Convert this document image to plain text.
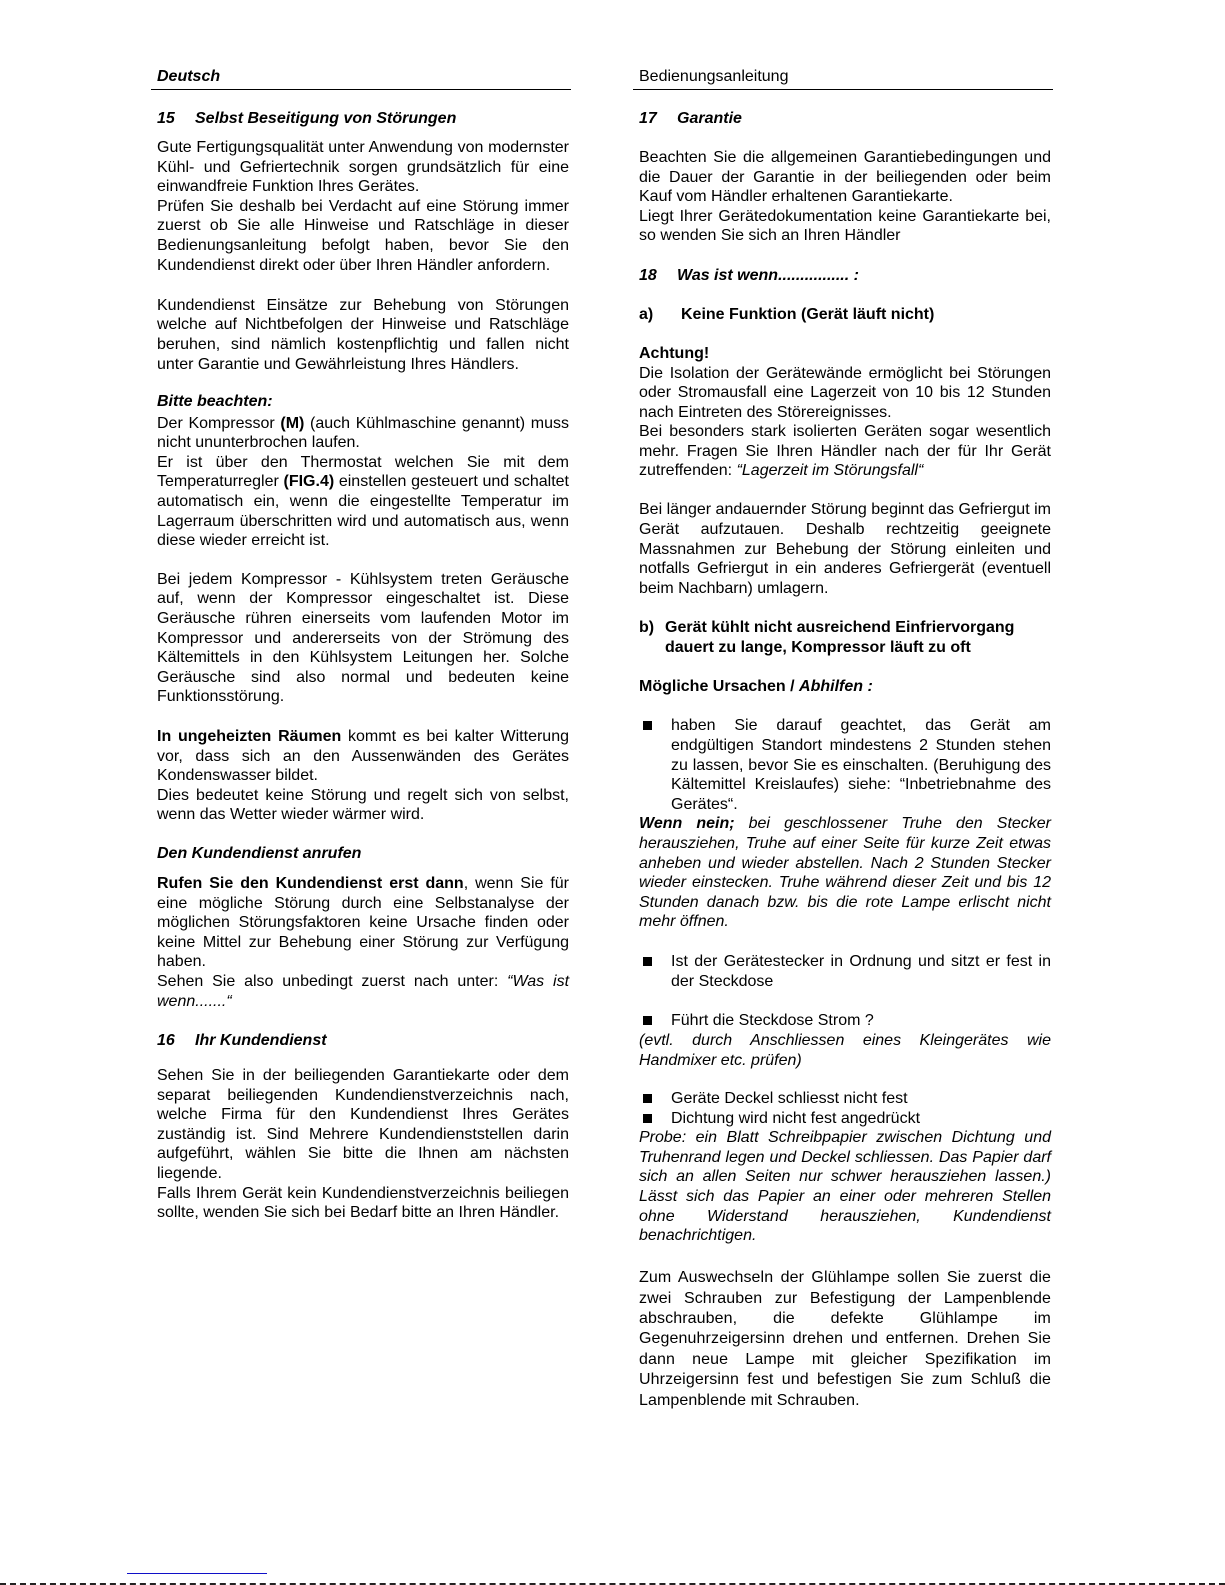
Deutsch	Bedienungsanleitung
15 Selbst Beseitigung von Störungen
Gute Fertigungsqualität unter Anwendung von modernster Kühl- und Gefriertechnik sorgen grundsätzlich für eine einwandfreie Funktion Ihres Gerätes.
Prüfen Sie deshalb bei Verdacht auf eine Störung immer zuerst ob Sie alle Hinweise und Ratschläge in dieser Bedienungsanleitung befolgt haben, bevor Sie den Kundendienst direkt oder über Ihren Händler anfordern.
Kundendienst Einsätze zur Behebung von Störungen welche auf Nichtbefolgen der Hinweise und Ratschläge beruhen, sind nämlich kostenpflichtig und fallen nicht unter Garantie und Gewährleistung Ihres Händlers.
Bitte beachten:
Der Kompressor (M) (auch Kühlmaschine genannt) muss nicht ununterbrochen laufen.
Er ist über den Thermostat welchen Sie mit dem Temperaturregler (FIG.4) einstellen gesteuert und schaltet automatisch ein, wenn die eingestellte Temperatur im Lagerraum überschritten wird und automatisch aus, wenn diese wieder erreicht ist.
Bei jedem Kompressor - Kühlsystem treten Geräusche auf, wenn der Kompressor eingeschaltet ist. Diese Geräusche rühren einerseits vom laufenden Motor im Kompressor und andererseits von der Strömung des Kältemittels in den Kühlsystem Leitungen her. Solche Geräusche sind also normal und bedeuten keine Funktionsstörung.
In ungeheizten Räumen kommt es bei kalter Witterung vor, dass sich an den Aussenwänden des Gerätes Kondenswasser bildet.
Dies bedeutet keine Störung und regelt sich von selbst, wenn das Wetter wieder wärmer wird.
Den Kundendienst anrufen
Rufen Sie den Kundendienst erst dann, wenn Sie für eine mögliche Störung durch eine Selbstanalyse der möglichen Störungsfaktoren keine Ursache finden oder keine Mittel zur Behebung einer Störung zur Verfügung haben.
Sehen Sie also unbedingt zuerst nach unter: “Was ist wenn.......“
16 Ihr Kundendienst
Sehen Sie in der beiliegenden Garantiekarte oder dem separat beiliegenden Kundendienstverzeichnis nach, welche Firma für den Kundendienst Ihres Gerätes zuständig ist. Sind Mehrere Kundendienststellen darin aufgeführt, wählen Sie bitte die Ihnen am nächsten liegende.
Falls Ihrem Gerät kein Kundendienstverzeichnis beiliegen sollte, wenden Sie sich bei Bedarf bitte an Ihren Händler.
17 Garantie
Beachten Sie die allgemeinen Garantiebedingungen und die Dauer der Garantie in der beiliegenden oder beim Kauf vom Händler erhaltenen Garantiekarte.
Liegt Ihrer Gerätedokumentation keine Garantiekarte bei, so wenden Sie sich an Ihren Händler
18 Was ist wenn................ :
a) Keine Funktion (Gerät läuft nicht)
Achtung!
Die Isolation der Gerätewände ermöglicht bei Störungen oder Stromausfall eine Lagerzeit von 10 bis 12 Stunden nach Eintreten des Störereignisses.
Bei besonders stark isolierten Geräten sogar wesentlich mehr. Fragen Sie Ihren Händler nach der für Ihr Gerät zutreffenden: “Lagerzeit im Störungsfall“
Bei länger andauernder Störung beginnt das Gefriergut im Gerät aufzutauen. Deshalb rechtzeitig geeignete Massnahmen zur Behebung der Störung einleiten und notfalls Gefriergut in ein anderes Gefriergerät (eventuell beim Nachbarn) umlagern.
b) Gerät kühlt nicht ausreichend Einfriervorgang dauert zu lange, Kompressor läuft zu oft
Mögliche Ursachen / Abhilfen :
haben Sie darauf geachtet, das Gerät am endgültigen Standort mindestens 2 Stunden stehen zu lassen, bevor Sie es einschalten. (Beruhigung des Kältemittel Kreislaufes) siehe: “Inbetriebnahme des Gerätes“.
Wenn nein; bei geschlossener Truhe den Stecker herausziehen, Truhe auf einer Seite für kurze Zeit etwas anheben und wieder abstellen. Nach 2 Stunden Stecker wieder einstecken. Truhe während dieser Zeit und bis 12 Stunden danach bzw. bis die rote Lampe erlischt nicht mehr öffnen.
Ist der Gerätestecker in Ordnung und sitzt er fest in der Steckdose
Führt die Steckdose Strom ?
(evtl. durch Anschliessen eines Kleingerätes wie Handmixer etc. prüfen)
Geräte Deckel schliesst nicht fest
Dichtung wird nicht fest angedrückt
Probe: ein Blatt Schreibpapier zwischen Dichtung und Truhenrand legen und Deckel schliessen. Das Papier darf sich an allen Seiten nur schwer herausziehen lassen.) Lässt sich das Papier an einer oder mehreren Stellen ohne Widerstand herausziehen, Kundendienst benachrichtigen.
Zum Auswechseln der Glühlampe sollen Sie zuerst die zwei Schrauben zur Befestigung der Lampenblende abschrauben, die defekte Glühlampe im Gegenuhrzeigersinn drehen und entfernen. Drehen Sie dann neue Lampe mit gleicher Spezifikation im Uhrzeigersinn fest und befestigen Sie zum Schluß die Lampenblende mit Schrauben.
